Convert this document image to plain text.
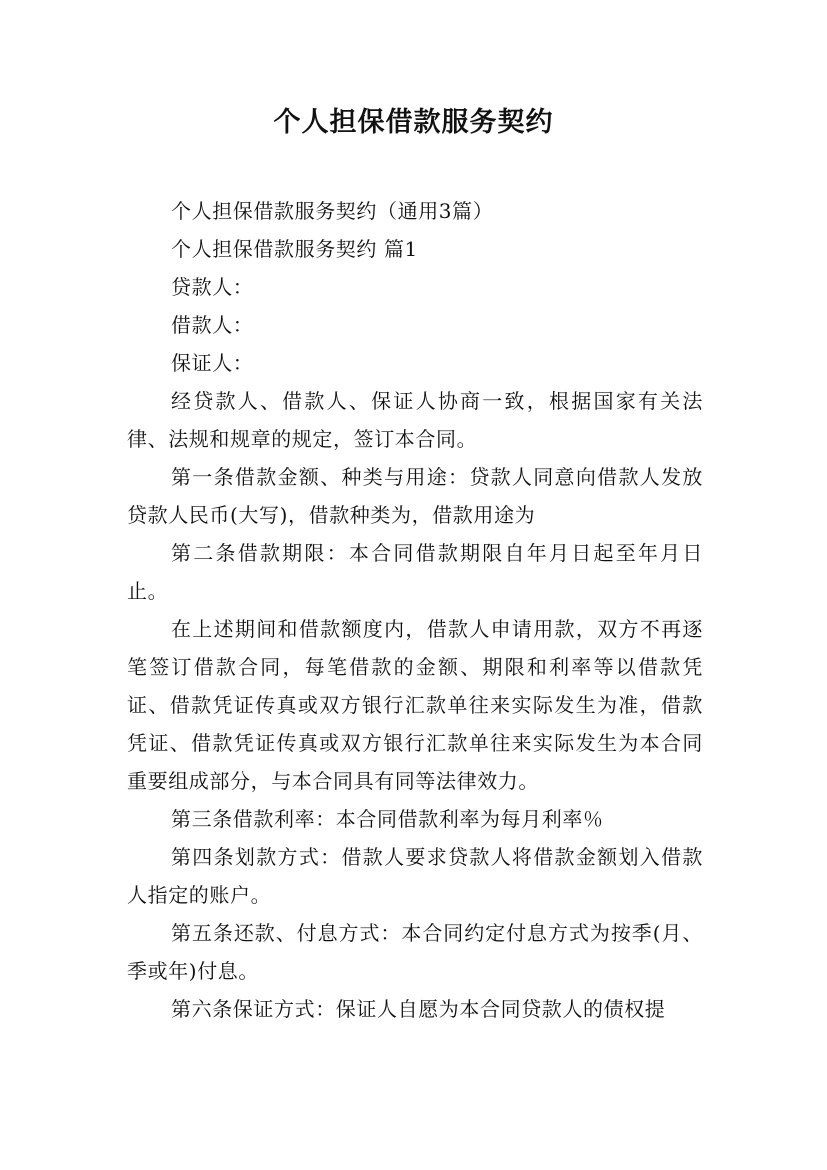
个人担保借款服务契约

个人担保借款服务契约（通用3篇）

个人担保借款服务契约 篇1

贷款人：

借款人：

保证人：

经贷款人、借款人、保证人协商一致，根据国家有关法律、法规和规章的规定，签订本合同。

第一条借款金额、种类与用途：贷款人同意向借款人发放贷款人民币(大写)，借款种类为，借款用途为

第二条借款期限：本合同借款期限自年月日起至年月日止。

在上述期间和借款额度内，借款人申请用款，双方不再逐笔签订借款合同，每笔借款的金额、期限和利率等以借款凭证、借款凭证传真或双方银行汇款单往来实际发生为准，借款凭证、借款凭证传真或双方银行汇款单往来实际发生为本合同重要组成部分，与本合同具有同等法律效力。

第三条借款利率：本合同借款利率为每月利率％

第四条划款方式：借款人要求贷款人将借款金额划入借款人指定的账户。

第五条还款、付息方式：本合同约定付息方式为按季(月、季或年)付息。

第六条保证方式：保证人自愿为本合同贷款人的债权提
